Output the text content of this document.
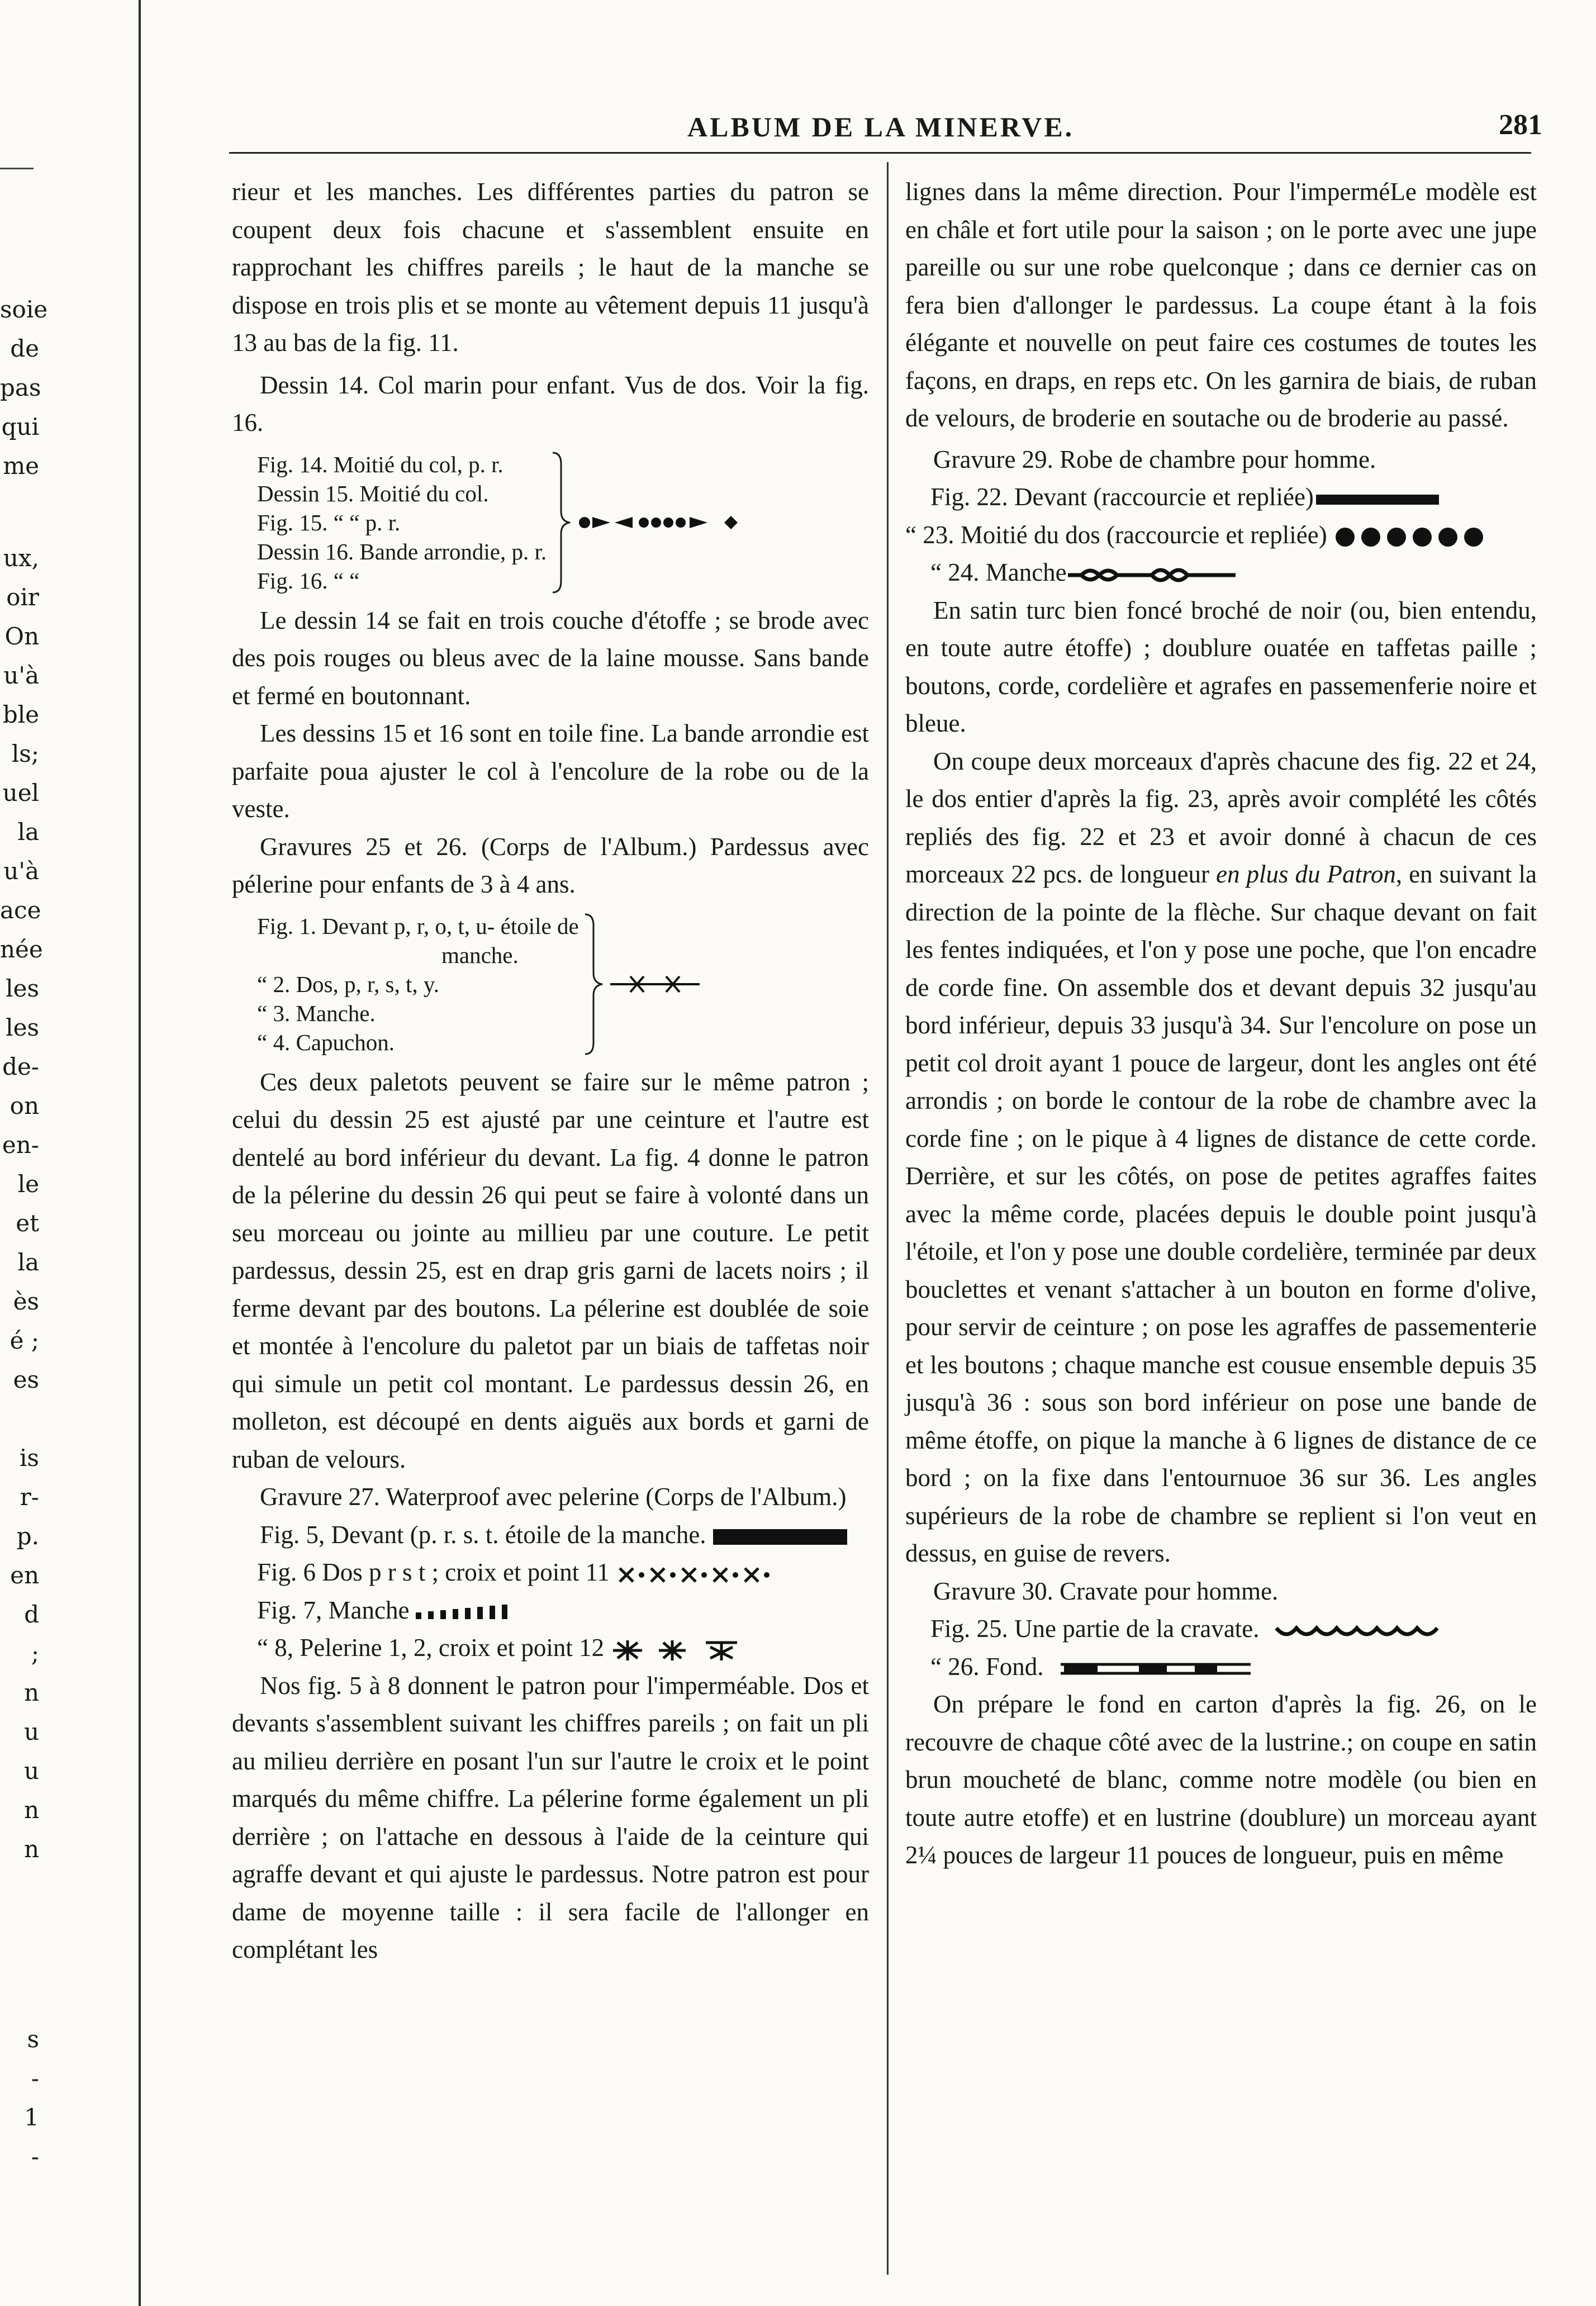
soie
de
pas
qui
me
ux,
oir
On
u'à
ble
ls;
uel
la
u'à
ace
née
les
les
de-
on
en-
le
et
la
ès
é ;
es
is
r-
p.
en
d
;
n
u
u
n
n
s
-
1
-
ALBUM DE LA MINERVE.	281

rieur et les manches. Les différentes parties du patron se coupent deux fois chacune et s'assemblent ensuite en rapprochant les chiffres pareils ; le haut de la manche se dispose en trois plis et se monte au vêtement depuis 11 jusqu'à 13 au bas de la fig. 11.

Dessin 14. Col marin pour enfant. Vus de dos. Voir la fig. 16.

Fig. 14. Moitié du col, p. r.
Dessin 15. Moitié du col.
Fig. 15. “ “ p. r.
Dessin 16. Bande arrondie, p. r.
Fig. 16. “ “

Le dessin 14 se fait en trois couche d'étoffe ; se brode avec des pois rouges ou bleus avec de la laine mousse. Sans bande et fermé en boutonnant.

Les dessins 15 et 16 sont en toile fine. La bande arrondie est parfaite poua ajuster le col à l'encolure de la robe ou de la veste.

Gravures 25 et 26. (Corps de l'Album.) Pardessus avec pélerine pour enfants de 3 à 4 ans.

Fig. 1. Devant p, r, o, t, u- étoile de
manche.
“ 2. Dos, p, r, s, t, y.
“ 3. Manche.
“ 4. Capuchon.

Ces deux paletots peuvent se faire sur le même patron ; celui du dessin 25 est ajusté par une ceinture et l'autre est dentelé au bord inférieur du devant. La fig. 4 donne le patron de la pélerine du dessin 26 qui peut se faire à volonté dans un seu morceau ou jointe au millieu par une couture. Le petit pardessus, dessin 25, est en drap gris garni de lacets noirs ; il ferme devant par des boutons. La pélerine est doublée de soie et montée à l'encolure du paletot par un biais de taffetas noir qui simule un petit col montant. Le pardessus dessin 26, en molleton, est découpé en dents aiguës aux bords et garni de ruban de velours.

Gravure 27. Waterproof avec pelerine (Corps de l'Album.)

Fig. 5, Devant (p. r. s. t. étoile de la manche.

Fig. 6 Dos p r s t ; croix et point 11

Fig. 7, Manche

“ 8, Pelerine 1, 2, croix et point 12

Nos fig. 5 à 8 donnent le patron pour l'imperméable. Dos et devants s'assemblent suivant les chiffres pareils ; on fait un pli au milieu derrière en posant l'un sur l'autre le croix et le point marqués du même chiffre. La pélerine forme également un pli derrière ; on l'attache en dessous à l'aide de la ceinture qui agraffe devant et qui ajuste le pardessus. Notre patron est pour dame de moyenne taille : il sera facile de l'allonger en complétant les

lignes dans la même direction. Pour l'imperméLe modèle est en châle et fort utile pour la saison ; on le porte avec une jupe pareille ou sur une robe quelconque ; dans ce dernier cas on fera bien d'allonger le pardessus. La coupe étant à la fois élégante et nouvelle on peut faire ces costumes de toutes les façons, en draps, en reps etc. On les garnira de biais, de ruban de velours, de broderie en soutache ou de broderie au passé.

Gravure 29. Robe de chambre pour homme.

Fig. 22. Devant (raccourcie et repliée)

“ 23. Moitié du dos (raccourcie et repliée)

“ 24. Manche

En satin turc bien foncé broché de noir (ou, bien entendu, en toute autre étoffe) ; doublure ouatée en taffetas paille ; boutons, corde, cordelière et agrafes en passemenferie noire et bleue.

On coupe deux morceaux d'après chacune des fig. 22 et 24, le dos entier d'après la fig. 23, après avoir complété les côtés repliés des fig. 22 et 23 et avoir donné à chacun de ces morceaux 22 pcs. de longueur en plus du Patron, en suivant la direction de la pointe de la flèche. Sur chaque devant on fait les fentes indiquées, et l'on y pose une poche, que l'on encadre de corde fine. On assemble dos et devant depuis 32 jusqu'au bord inférieur, depuis 33 jusqu'à 34. Sur l'encolure on pose un petit col droit ayant 1 pouce de largeur, dont les angles ont été arrondis ; on borde le contour de la robe de chambre avec la corde fine ; on le pique à 4 lignes de distance de cette corde. Derrière, et sur les côtés, on pose de petites agraffes faites avec la même corde, placées depuis le double point jusqu'à l'étoile, et l'on y pose une double cordelière, terminée par deux bouclettes et venant s'attacher à un bouton en forme d'olive, pour servir de ceinture ; on pose les agraffes de passementerie et les boutons ; chaque manche est cousue ensemble depuis 35 jusqu'à 36 : sous son bord inférieur on pose une bande de même étoffe, on pique la manche à 6 lignes de distance de ce bord ; on la fixe dans l'entournuoe 36 sur 36. Les angles supérieurs de la robe de chambre se replient si l'on veut en dessus, en guise de revers.

Gravure 30. Cravate pour homme.

Fig. 25. Une partie de la cravate.

“ 26. Fond.

On prépare le fond en carton d'après la fig. 26, on le recouvre de chaque côté avec de la lustrine.; on coupe en satin brun moucheté de blanc, comme notre modèle (ou bien en toute autre etoffe) et en lustrine (doublure) un morceau ayant 2¼ pouces de largeur 11 pouces de longueur, puis en même
